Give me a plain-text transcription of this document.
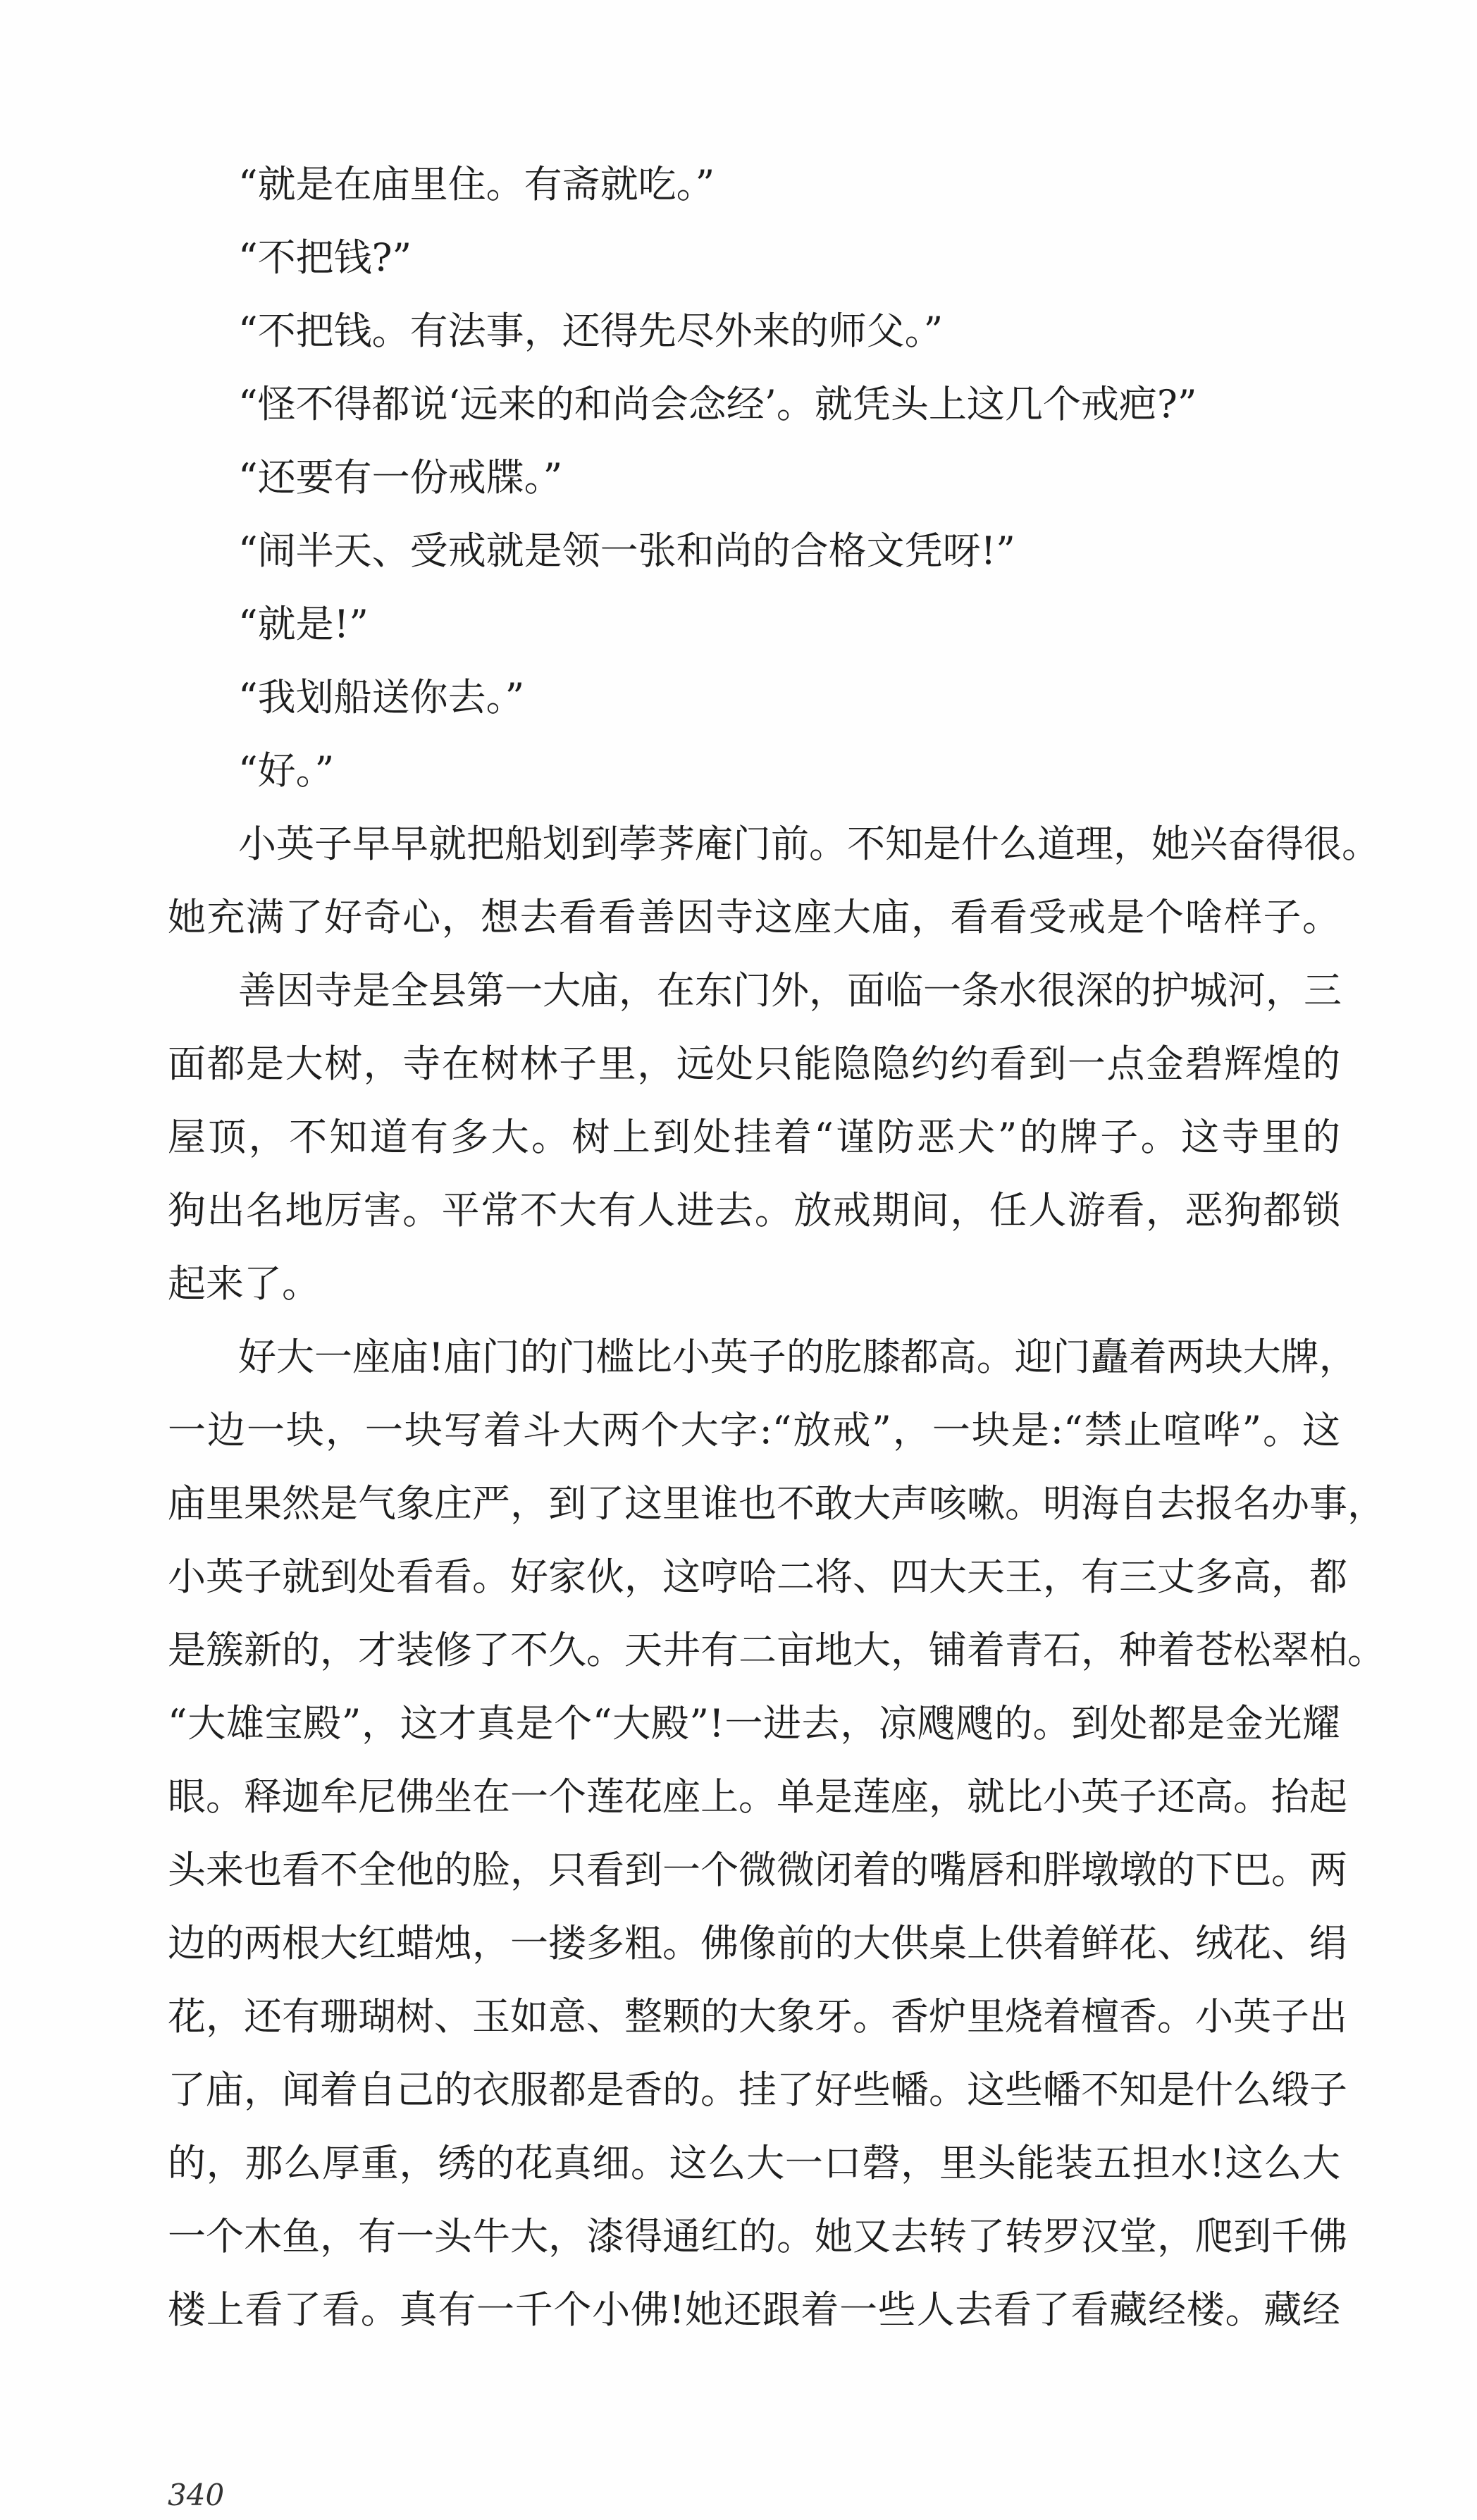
“就是在庙里住。有斋就吃。”
“不把钱?”
“不把钱。有法事，还得先尽外来的师父。”
“怪不得都说‘远来的和尚会念经’。就凭头上这几个戒疤?”
“还要有一份戒牒。”
“闹半天、受戒就是领一张和尚的合格文凭呀!”
“就是!”
“我划船送你去。”
“好。”
小英子早早就把船划到荸荠庵门前。不知是什么道理，她兴奋得很。
她充满了好奇心，想去看看善因寺这座大庙，看看受戒是个啥样子。
善因寺是全县第一大庙，在东门外，面临一条水很深的护城河，三
面都是大树，寺在树林子里，远处只能隐隐约约看到一点金碧辉煌的
屋顶，不知道有多大。树上到处挂着“谨防恶犬”的牌子。这寺里的
狗出名地厉害。平常不大有人进去。放戒期间，任人游看，恶狗都锁
起来了。
好大一座庙!庙门的门槛比小英子的肐膝都高。迎门矗着两块大牌，
一边一块，一块写着斗大两个大字:“放戒”，一块是:“禁止喧哗”。这
庙里果然是气象庄严，到了这里谁也不敢大声咳嗽。明海自去报名办事，
小英子就到处看看。好家伙，这哼哈二将、四大天王，有三丈多高，都
是簇新的，才装修了不久。天井有二亩地大，铺着青石，种着苍松翠柏。
“大雄宝殿”，这才真是个“大殿”!一进去，凉飕飕的。到处都是金光耀
眼。释迦牟尼佛坐在一个莲花座上。单是莲座，就比小英子还高。抬起
头来也看不全他的脸，只看到一个微微闭着的嘴唇和胖墩墩的下巴。两
边的两根大红蜡烛，一搂多粗。佛像前的大供桌上供着鲜花、绒花、绢
花，还有珊瑚树、玉如意、整颗的大象牙。香炉里烧着檀香。小英子出
了庙，闻着自己的衣服都是香的。挂了好些幡。这些幡不知是什么缎子
的，那么厚重，绣的花真细。这么大一口磬，里头能装五担水!这么大
一个木鱼，有一头牛大，漆得通红的。她又去转了转罗汉堂，爬到千佛
楼上看了看。真有一千个小佛!她还跟着一些人去看了看藏经楼。藏经
340
